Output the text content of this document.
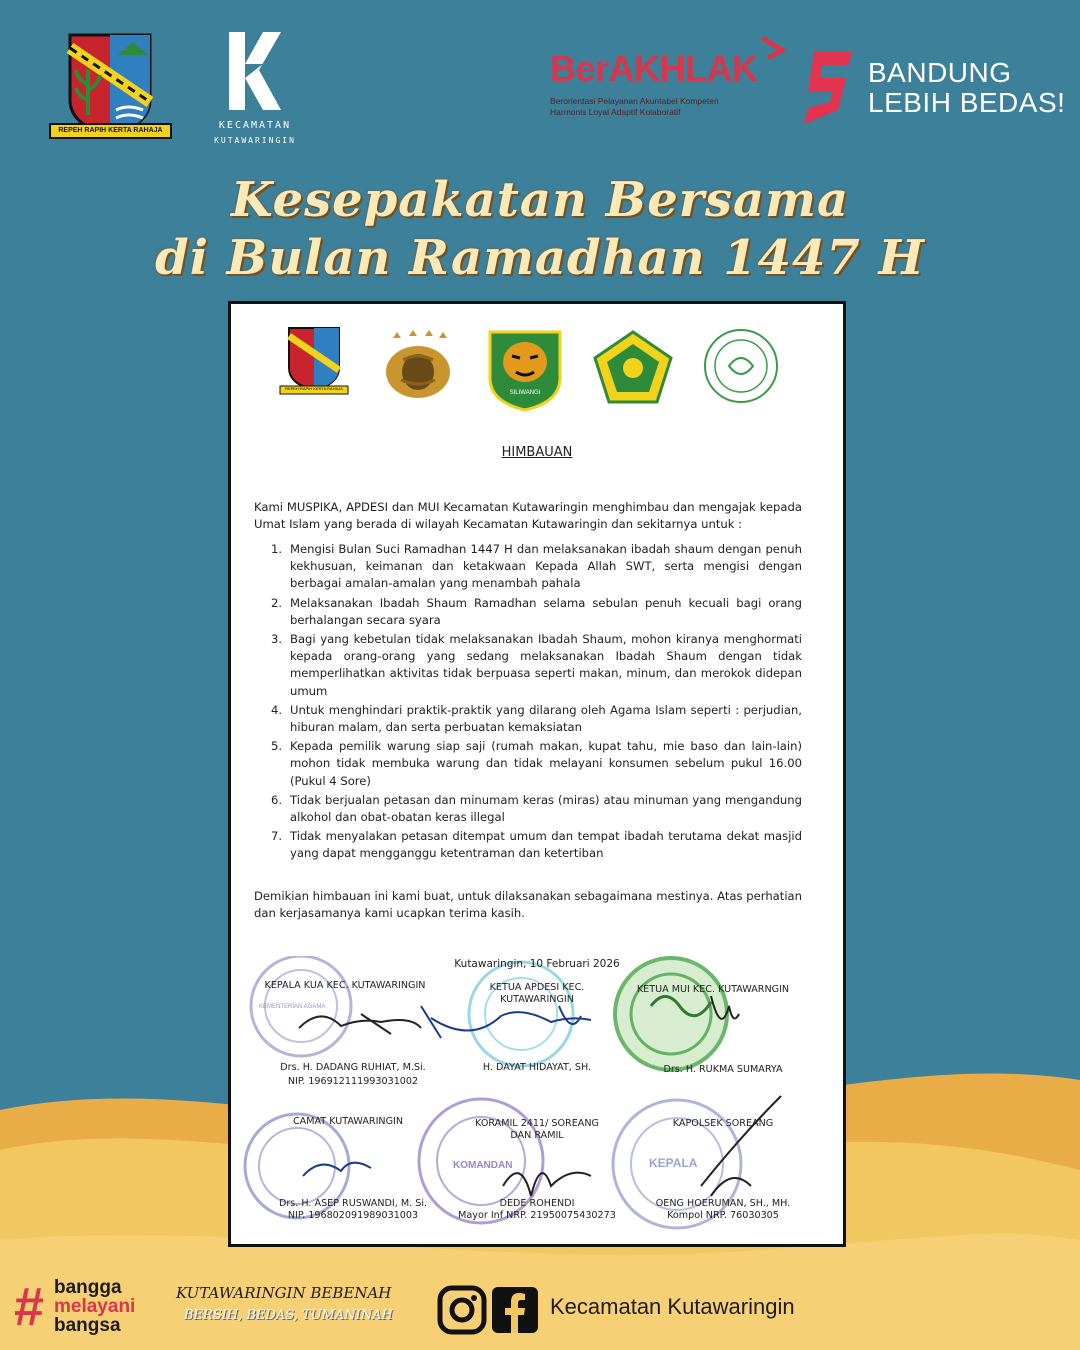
REPEH RAPIH KERTA RAHAJA	KECAMATAN
KUTAWARINGIN
BerAKHLAK
Berorientasi Pelayanan Akuntabel Kompeten
Harmonis Loyal Adaptif Kolaboratif
BANDUNG
LEBIH BEDAS!
Kesepakatan Bersama
di Bulan Ramadhan 1447 H
REPEH RAPIH KERTA RAHAJA
SILIWANGI
HIMBAUAN
Kami MUSPIKA, APDESI dan MUI Kecamatan Kutawaringin menghimbau dan mengajak kepada Umat Islam yang berada di wilayah Kecamatan Kutawaringin dan sekitarnya untuk :
1. Mengisi Bulan Suci Ramadhan 1447 H dan melaksanakan ibadah shaum dengan penuh kekhusuan, keimanan dan ketakwaan Kepada Allah SWT, serta mengisi dengan berbagai amalan-amalan yang menambah pahala
2. Melaksanakan Ibadah Shaum Ramadhan selama sebulan penuh kecuali bagi orang berhalangan secara syara
3. Bagi yang kebetulan tidak melaksanakan Ibadah Shaum, mohon kiranya menghormati kepada orang-orang yang sedang melaksanakan Ibadah Shaum dengan tidak memperlihatkan aktivitas tidak berpuasa seperti makan, minum, dan merokok didepan umum
4. Untuk menghindari praktik-praktik yang dilarang oleh Agama Islam seperti : perjudian, hiburan malam, dan serta perbuatan kemaksiatan
5. Kepada pemilik warung siap saji (rumah makan, kupat tahu, mie baso dan lain-lain) mohon tidak membuka warung dan tidak melayani konsumen sebelum pukul 16.00 (Pukul 4 Sore)
6. Tidak berjualan petasan dan minumam keras (miras) atau minuman yang mengandung alkohol dan obat-obatan keras illegal
7. Tidak menyalakan petasan ditempat umum dan tempat ibadah terutama dekat masjid yang dapat mengganggu ketentraman dan ketertiban
Demikian himbauan ini kami buat, untuk dilaksanakan sebagaimana mestinya. Atas perhatian dan kerjasamanya kami ucapkan terima kasih.
KEMENTERIAN AGAMA
KOMANDAN	KEPALA
Kutawaringin, 10 Februari 2026
KEPALA KUA KEC. KUTAWARINGIN
Drs. H. DADANG RUHIAT, M.Si.
NIP. 196912111993031002
KETUA APDESI KEC. KUTAWARINGIN
H. DAYAT HIDAYAT, SH.
KETUA MUI KEC. KUTAWARNGIN
Drs. H. RUKMA SUMARYA
CAMAT KUTAWARINGIN
Drs. H. ASEP RUSWANDI, M. Si.
NIP. 196802091989031003
KORAMIL 2411/ SOREANG DAN RAMIL
DEDE ROHENDI
Mayor Inf NRP. 21950075430273
KAPOLSEK SOREANG
OENG HOERUMAN, SH., MH.
Kompol NRP. 76030305
# bangga
melayani
bangsa
KUTAWARINGIN BEBENAH
BERSIH, BEDAS, TUMANINAH	Kecamatan Kutawaringin
